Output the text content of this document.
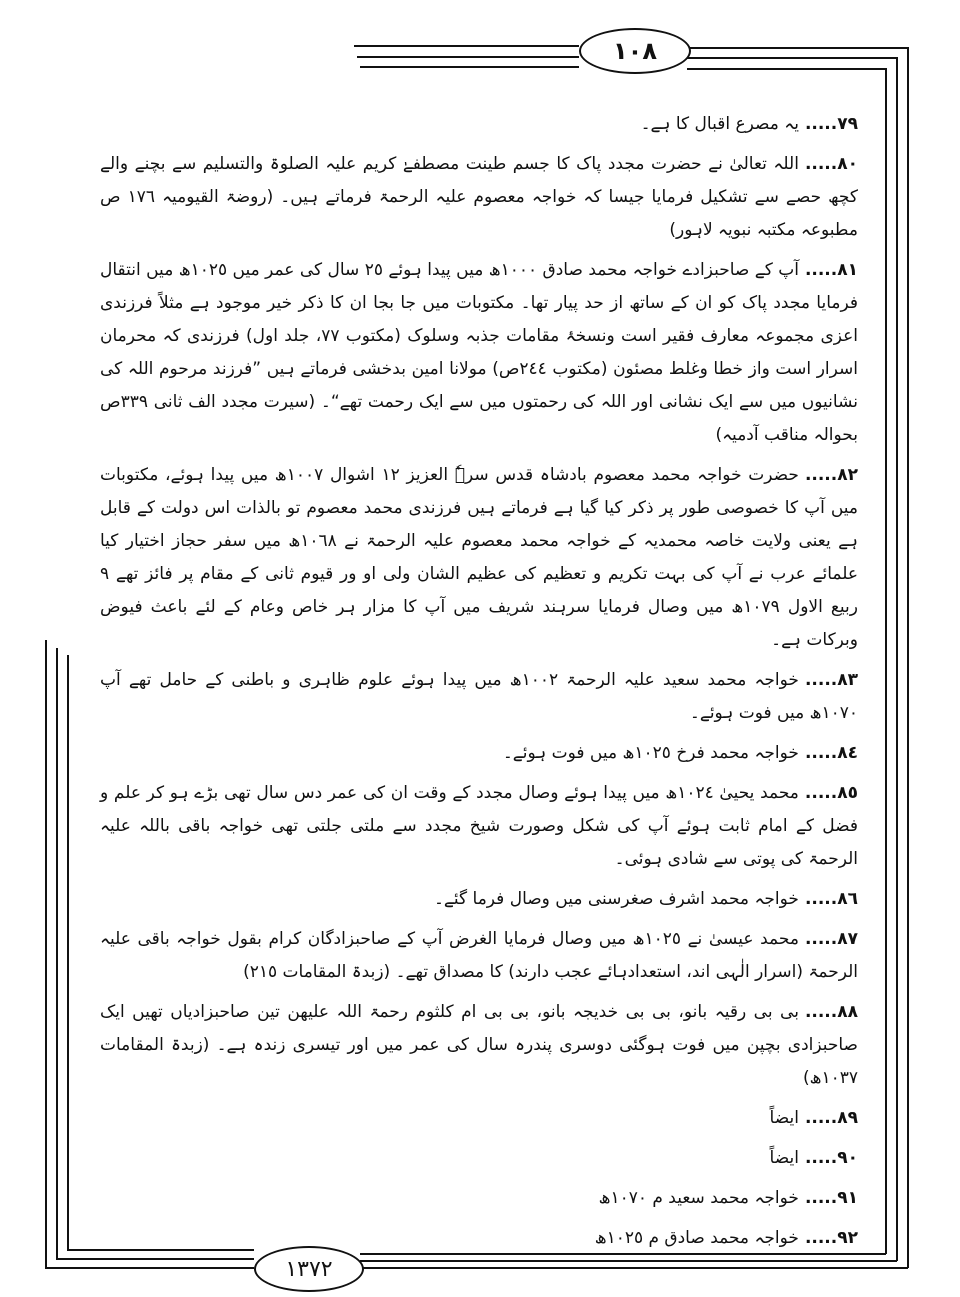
١٠٨

٧٩.....یہ مصرع اقبال کا ہے۔

٨٠.....اللہ تعالیٰ نے حضرت مجدد پاک کا جسم طینت مصطفےٰ کریم علیہ الصلوۃ والتسلیم سے بچنے والے کچھ حصے سے تشکیل فرمایا جیسا کہ خواجہ معصوم علیہ الرحمۃ فرماتے ہیں۔ (روضۃ القیومیہ ١٧٦ ص مطبوعہ مکتبہ نبویہ لاہور)

٨١.....آپ کے صاحبزادے خواجہ محمد صادق ١٠٠٠ھ میں پیدا ہوئے ٢٥ سال کی عمر میں ١٠٢٥ھ میں انتقال فرمایا مجدد پاک کو ان کے ساتھ از حد پیار تھا۔ مکتوبات میں جا بجا ان کا ذکر خیر موجود ہے مثلاً فرزندی اعزی مجموعہ معارف فقیر است ونسخۂ مقامات جذبہ وسلوک (مکتوب ٧٧، جلد اول) فرزندی کہ محرمان اسرار است واز خطا وغلط مصئون (مکتوب ٢٤٤ص) مولانا امین بدخشی فرماتے ہیں ”فرزند مرحوم اللہ کی نشانیوں میں سے ایک نشانی اور اللہ کی رحمتوں میں سے ایک رحمت تھے“۔ (سیرت مجدد الف ثانی ٣٣٩ص بحوالہ مناقب آدمیہ)

٨٢.....حضرت خواجہ محمد معصوم بادشاہ قدس سرہٗ العزیز ١٢ اشوال ١٠٠٧ھ میں پیدا ہوئے، مکتوبات میں آپ کا خصوصی طور پر ذکر کیا گیا ہے فرماتے ہیں فرزندی محمد معصوم تو بالذات اس دولت کے قابل ہے یعنی ولایت خاصہ محمدیہ کے خواجہ محمد معصوم علیہ الرحمۃ نے ١٠٦٨ھ میں سفر حجاز اختیار کیا علمائے عرب نے آپ کی بہت تکریم و تعظیم کی عظیم الشان ولی او ور قیوم ثانی کے مقام پر فائز تھے ٩ ربیع الاول ١٠٧٩ھ میں وصال فرمایا سرہند شریف میں آپ کا مزار ہر خاص وعام کے لئے باعث فیوض وبرکات ہے۔

٨٣.....خواجہ محمد سعید علیہ الرحمۃ ١٠٠٢ھ میں پیدا ہوئے علوم ظاہری و باطنی کے حامل تھے آپ ١٠٧٠ھ میں فوت ہوئے۔

٨٤.....خواجہ محمد فرخ ١٠٢٥ھ میں فوت ہوئے۔

٨٥.....محمد یحییٰ ١٠٢٤ھ میں پیدا ہوئے وصال مجدد کے وقت ان کی عمر دس سال تھی بڑے ہو کر علم و فضل کے امام ثابت ہوئے آپ کی شکل وصورت شیخ مجدد سے ملتی جلتی تھی خواجہ باقی باللہ علیہ الرحمۃ کی پوتی سے شادی ہوئی۔

٨٦.....خواجہ محمد اشرف صغرسنی میں وصال فرما گئے۔

٨٧.....محمد عیسیٰ نے ١٠٢٥ھ میں وصال فرمایا الغرض آپ کے صاحبزادگان کرام بقول خواجہ باقی علیہ الرحمۃ (اسرار الٰہی اند، استعدادہائے عجب دارند) کا مصداق تھے۔ (زبدۃ المقامات ٢١٥)

٨٨.....بی بی رقیہ بانو، بی بی خدیجہ بانو، بی بی ام کلثوم رحمۃ اللہ علیھن تین صاحبزادیاں تھیں ایک صاحبزادی بچپن میں فوت ہوگئی دوسری پندرہ سال کی عمر میں اور تیسری زندہ ہے۔ (زبدۃ المقامات ١٠٣٧ھ)

٨٩.....ایضاً

٩٠.....ایضاً

٩١.....خواجہ محمد سعید م ١٠٧٠ھ

٩٢.....خواجہ محمد صادق م ١٠٢٥ھ

١٣٧٢
